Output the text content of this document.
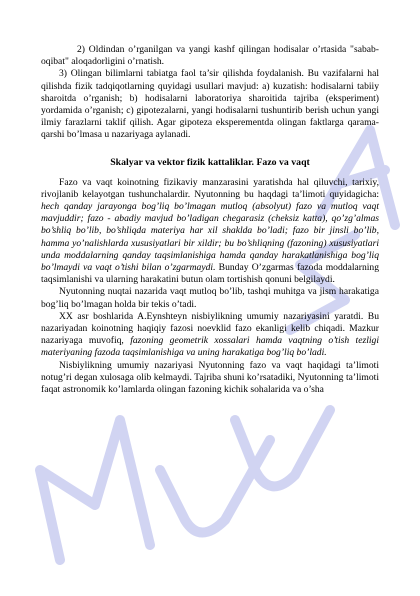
2) Oldindan o’rganilgan va yangi kashf qilingan hodisalar o’rtasida "sabab-oqibat" aloqadorligini o’rnatish.

3) Olingan bilimlarni tabiatga faol ta’sir qilishda foydalanish. Bu vazifalarni hal qilishda fizik tadqiqotlarning quyidagi usullari mavjud: a) kuzatish: hodisalarni tabiiy sharoitda o’rganish; b) hodisalarni laboratoriya sharoitida tajriba (eksperiment) yordamida o’rganish; c) gipotezalarni, yangi hodisalarni tushuntirib berish uchun yangi ilmiy farazlarni taklif qilish. Agar gipoteza eksperementda olingan faktlarga qarama-qarshi bo’lmasa u nazariyaga aylanadi.

Skalyar va vektor fizik kattaliklar. Fazo va vaqt

Fazo va vaqt koinotning fizikaviy manzarasini yaratishda hal qiluvchi, tarixiy, rivojlanib kelayotgan tushunchalardir. Nyutonning bu haqdagi ta’limoti quyidagicha: hech qanday jarayonga bog’liq bo’lmagan mutloq (absolyut) fazo va mutloq vaqt mavjuddir; fazo - abadiy mavjud bo’ladigan chegarasiz (cheksiz katta), qo’zg’almas bo’shliq bo’lib, bo’shliqda materiya har xil shaklda bo’ladi; fazo bir jinsli bo’lib, hamma yo’nalishlarda xususiyatlari bir xildir; bu bo’shliqning (fazoning) xususiyatlari unda moddalarning qanday taqsimlanishiga hamda qanday harakatlanishiga bog’liq bo’lmaydi va vaqt o’tishi bilan o’zgarmaydi. Bunday O’zgarmas fazoda moddalarning taqsimlanishi va ularning harakatini butun olam tortishish qonuni belgilaydi.

Nyutonning nuqtai nazarida vaqt mutloq bo’lib, tashqi muhitga va jism harakatiga bog’liq bo’lmagan holda bir tekis o’tadi.

XX asr boshlarida A.Eynshteyn nisbiylikning umumiy nazariyasini yaratdi. Bu nazariyadan koinotning haqiqiy fazosi noevklid fazo ekanligi kelib chiqadi. Mazkur nazariyaga muvofiq, fazoning geometrik xossalari hamda vaqtning o’tish tezligi materiyaning fazoda taqsimlanishiga va uning harakatiga bog’liq bo’ladi.

Nisbiylikning umumiy nazariyasi Nyutonning fazo va vaqt haqidagi ta’limoti notug’ri degan xulosaga olib kelmaydi. Tajriba shuni ko’rsatadiki, Nyutonning ta’limoti faqat astronomik ko’lamlarda olingan fazoning kichik sohalarida va o’sha
